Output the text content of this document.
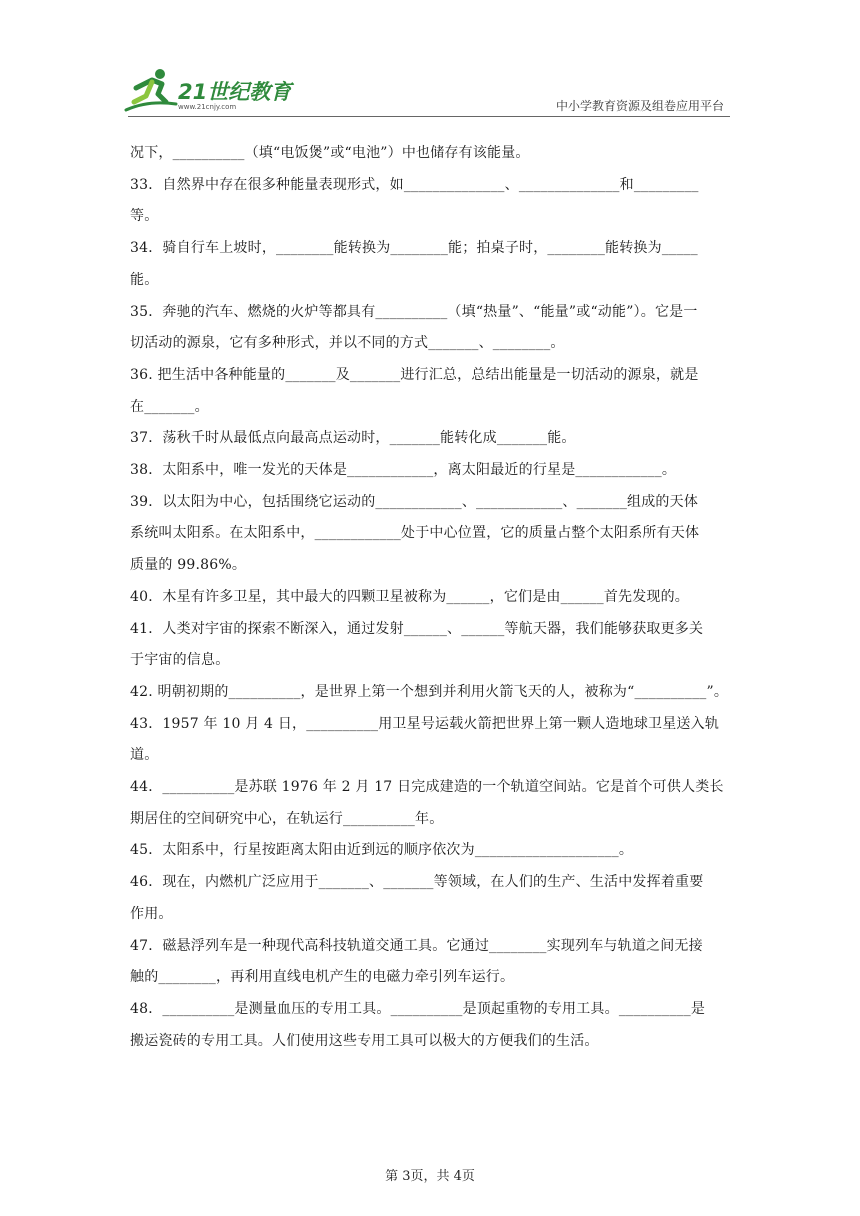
21世纪教育
www.21cnjy.com	中小学教育资源及组卷应用平台

况下，__________（填“电饭煲”或“电池”）中也储存有该能量。

33．自然界中存在很多种能量表现形式，如______________、______________和_________

等。

34．骑自行车上坡时，________能转换为________能；拍桌子时，________能转换为_____

能。

35．奔驰的汽车、燃烧的火炉等都具有__________（填“热量”、“能量”或“动能”）。它是一

切活动的源泉，它有多种形式，并以不同的方式_______、________。

36. 把生活中各种能量的_______及_______进行汇总，总结出能量是一切活动的源泉，就是

在_______。

37．荡秋千时从最低点向最高点运动时，_______能转化成_______能。

38．太阳系中，唯一发光的天体是____________，离太阳最近的行星是____________。

39．以太阳为中心，包括围绕它运动的____________、____________、_______组成的天体

系统叫太阳系。在太阳系中，____________处于中心位置，它的质量占整个太阳系所有天体

质量的 99.86%。

40．木星有许多卫星，其中最大的四颗卫星被称为______，它们是由______首先发现的。

41．人类对宇宙的探索不断深入，通过发射______、______等航天器，我们能够获取更多关

于宇宙的信息。

42. 明朝初期的__________，是世界上第一个想到并利用火箭飞天的人，被称为“__________”。

43．1957 年 10 月 4 日，__________用卫星号运载火箭把世界上第一颗人造地球卫星送入轨

道。

44．__________是苏联 1976 年 2 月 17 日完成建造的一个轨道空间站。它是首个可供人类长

期居住的空间研究中心，在轨运行__________年。

45．太阳系中，行星按距离太阳由近到远的顺序依次为____________________。

46．现在，内燃机广泛应用于_______、_______等领域，在人们的生产、生活中发挥着重要

作用。

47．磁悬浮列车是一种现代高科技轨道交通工具。它通过________实现列车与轨道之间无接

触的________，再利用直线电机产生的电磁力牵引列车运行。

48．__________是测量血压的专用工具。__________是顶起重物的专用工具。__________是

搬运瓷砖的专用工具。人们使用这些专用工具可以极大的方便我们的生活。

第 3页，共 4页
